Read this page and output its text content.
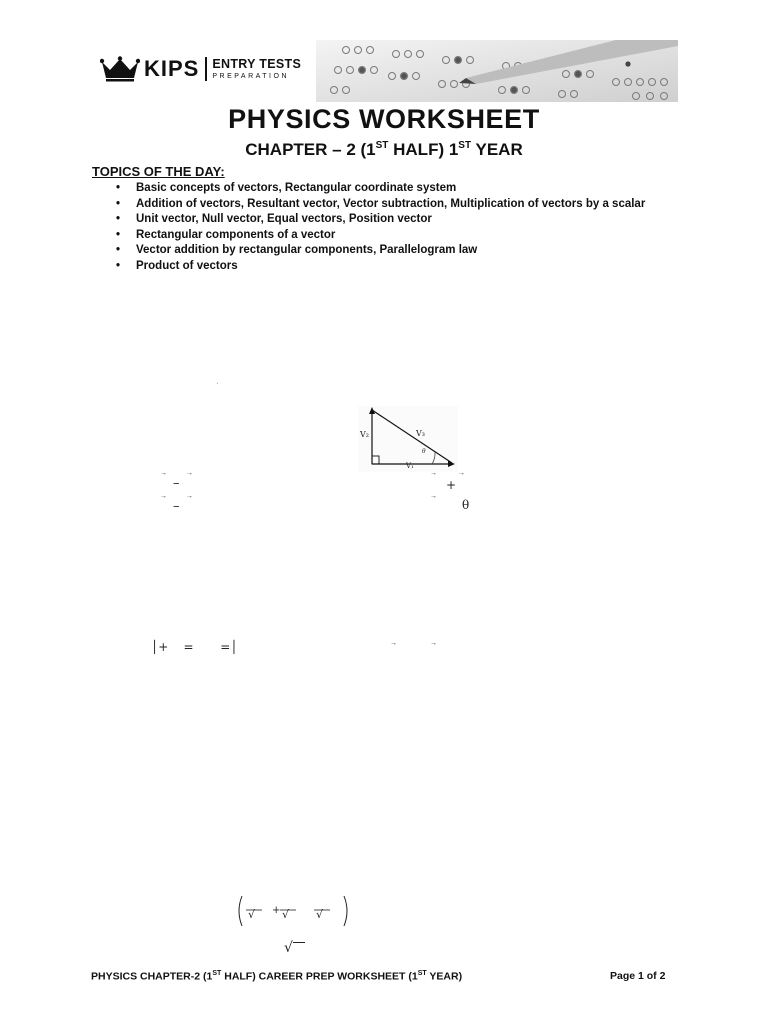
KIPS ENTRY TESTS
PREPARATION
PHYSICS WORKSHEET
CHAPTER – 2 (1ST HALF) 1ST YEAR
TOPICS OF THE DAY:
• Basic concepts of vectors, Rectangular coordinate system
• Addition of vectors, Resultant vector, Vector subtraction, Multiplication of vectors by a scalar
• Unit vector, Null vector, Equal vectors, Position vector
• Rectangular components of a vector
• Vector addition by rectangular components, Parallelogram law
• Product of vectors
V₂	V₃
V₁
θ
ˈ
→	→
–
→	→
–
→	→
+
→
θ
│+    =       =│	→	→
+
√ √ √
√
PHYSICS CHAPTER-2 (1ST HALF) CAREER PREP WORKSHEET (1ST YEAR)	Page 1 of 2
